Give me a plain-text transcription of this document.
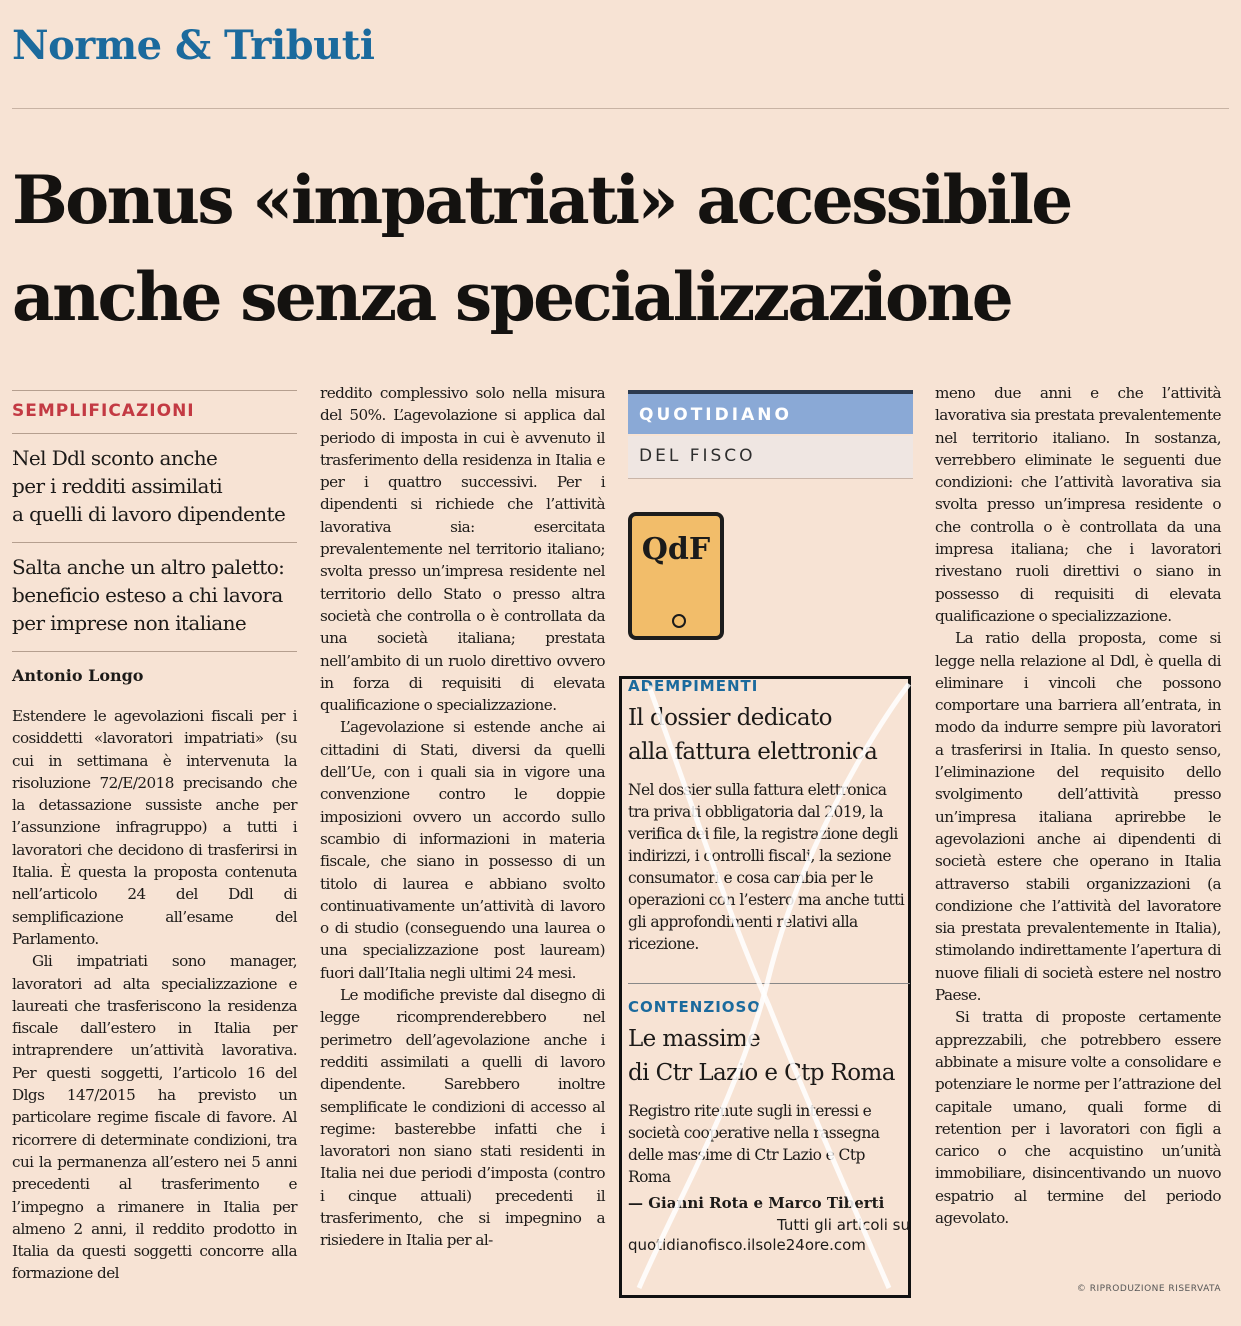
Norme & Tributi
Bonus «impatriati» accessibile
anche senza specializzazione
SEMPLIFICAZIONI
Nel Ddl sconto anche
per i redditi assimilati
a quelli di lavoro dipendente
Salta anche un altro paletto:
beneficio esteso a chi lavora
per imprese non italiane
Antonio Longo

Estendere le agevolazioni fiscali per i cosiddetti «lavoratori impatriati» (su cui in settimana è intervenuta la risoluzione 72/E/2018 precisando che la detassazione sussiste anche per l’assunzione infragruppo) a tutti i lavoratori che decidono di trasferirsi in Italia. È questa la proposta contenuta nell’articolo 24 del Ddl di semplificazione all’esame del Parlamento.

Gli impatriati sono manager, lavoratori ad alta specializzazione e laureati che trasferiscono la residenza fiscale dall’estero in Italia per intraprendere un’attività lavorativa. Per questi soggetti, l’articolo 16 del Dlgs 147/2015 ha previsto un particolare regime fiscale di favore. Al ricorrere di determinate condizioni, tra cui la permanenza all’estero nei 5 anni precedenti al trasferimento e l’impegno a rimanere in Italia per almeno 2 anni, il reddito prodotto in Italia da questi soggetti concorre alla formazione del

reddito complessivo solo nella misura del 50%. L’agevolazione si applica dal periodo di imposta in cui è avvenuto il trasferimento della residenza in Italia e per i quattro successivi. Per i dipendenti si richiede che l’attività lavorativa sia: esercitata prevalentemente nel territorio italiano; svolta presso un’impresa residente nel territorio dello Stato o presso altra società che controlla o è controllata da una società italiana; prestata nell’ambito di un ruolo direttivo ovvero in forza di requisiti di elevata qualificazione o specializzazione.

L’agevolazione si estende anche ai cittadini di Stati, diversi da quelli dell’Ue, con i quali sia in vigore una convenzione contro le doppie imposizioni ovvero un accordo sullo scambio di informazioni in materia fiscale, che siano in possesso di un titolo di laurea e abbiano svolto continuativamente un’attività di lavoro o di studio (conseguendo una laurea o una specializzazione post lauream) fuori dall’Italia negli ultimi 24 mesi.

Le modifiche previste dal disegno di legge ricomprenderebbero nel perimetro dell’agevolazione anche i redditi assimilati a quelli di lavoro dipendente. Sarebbero inoltre semplificate le condizioni di accesso al regime: basterebbe infatti che i lavoratori non siano stati residenti in Italia nei due periodi d’imposta (contro i cinque attuali) precedenti il trasferimento, che si impegnino a risiedere in Italia per al-

QUOTIDIANO
DEL FISCO
QdF
ADEMPIMENTI
Il dossier dedicato
alla fattura elettronica
Nel dossier sulla fattura elettronica tra privati obbligatoria dal 2019, la verifica dei file, la registrazione degli indirizzi, i controlli fiscali, la sezione consumatori e cosa cambia per le operazioni con l’estero ma anche tutti gli approfondimenti relativi alla ricezione.
CONTENZIOSO
Le massime
di Ctr Lazio e Ctp Roma
Registro ritenute sugli interessi e società cooperative nella rassegna delle massime di Ctr Lazio e Ctp Roma
— Gianni Rota e Marco Tiberti
Tutti gli articoli su
quotidianofisco.ilsole24ore.com

meno due anni e che l’attività lavorativa sia prestata prevalentemente nel territorio italiano. In sostanza, verrebbero eliminate le seguenti due condizioni: che l’attività lavorativa sia svolta presso un’impresa residente o che controlla o è controllata da una impresa italiana; che i lavoratori rivestano ruoli direttivi o siano in possesso di requisiti di elevata qualificazione o specializzazione.

La ratio della proposta, come si legge nella relazione al Ddl, è quella di eliminare i vincoli che possono comportare una barriera all’entrata, in modo da indurre sempre più lavoratori a trasferirsi in Italia. In questo senso, l’eliminazione del requisito dello svolgimento dell’attività presso un’impresa italiana aprirebbe le agevolazioni anche ai dipendenti di società estere che operano in Italia attraverso stabili organizzazioni (a condizione che l’attività del lavoratore sia prestata prevalentemente in Italia), stimolando indirettamente l’apertura di nuove filiali di società estere nel nostro Paese.

Si tratta di proposte certamente apprezzabili, che potrebbero essere abbinate a misure volte a consolidare e potenziare le norme per l’attrazione del capitale umano, quali forme di retention per i lavoratori con figli a carico o che acquistino un’unità immobiliare, disincentivando un nuovo espatrio al termine del periodo agevolato.

© RIPRODUZIONE RISERVATA
